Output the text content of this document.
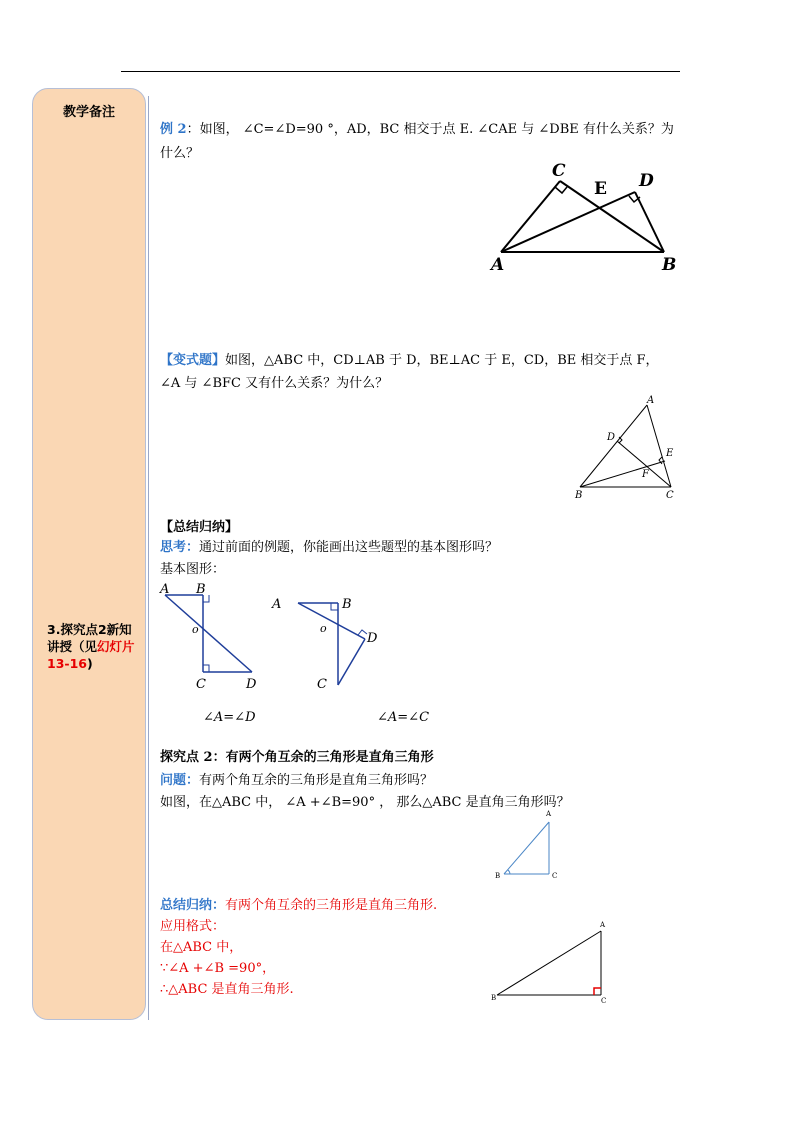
教学备注
3.探究点2新知讲授（见幻灯片13-16)
例 2：如图， ∠C=∠D=90 °，AD，BC 相交于点 E. ∠CAE 与 ∠DBE 有什么关系？为
什么？
C
E D
A	B
【变式题】如图，△ABC 中，CD⊥AB 于 D，BE⊥AC 于 E，CD，BE 相交于点 F，
∠A 与 ∠BFC 又有什么关系？为什么？
A
D
E
F
B	C
【总结归纳】
思考：通过前面的例题，你能画出这些题型的基本图形吗？
基本图形：
A B
o
C	D
A	B
o
D
C
∠A=∠D	∠A=∠C
探究点 2：有两个角互余的三角形是直角三角形
问题：有两个角互余的三角形是直角三角形吗？
如图，在△ABC 中， ∠A +∠B=90° ， 那么△ABC 是直角三角形吗？
A
B	C
总结归纳：有两个角互余的三角形是直角三角形.
应用格式：
在△ABC 中，
∵∠A +∠B =90°，
∴△ABC 是直角三角形.
A
B	C
